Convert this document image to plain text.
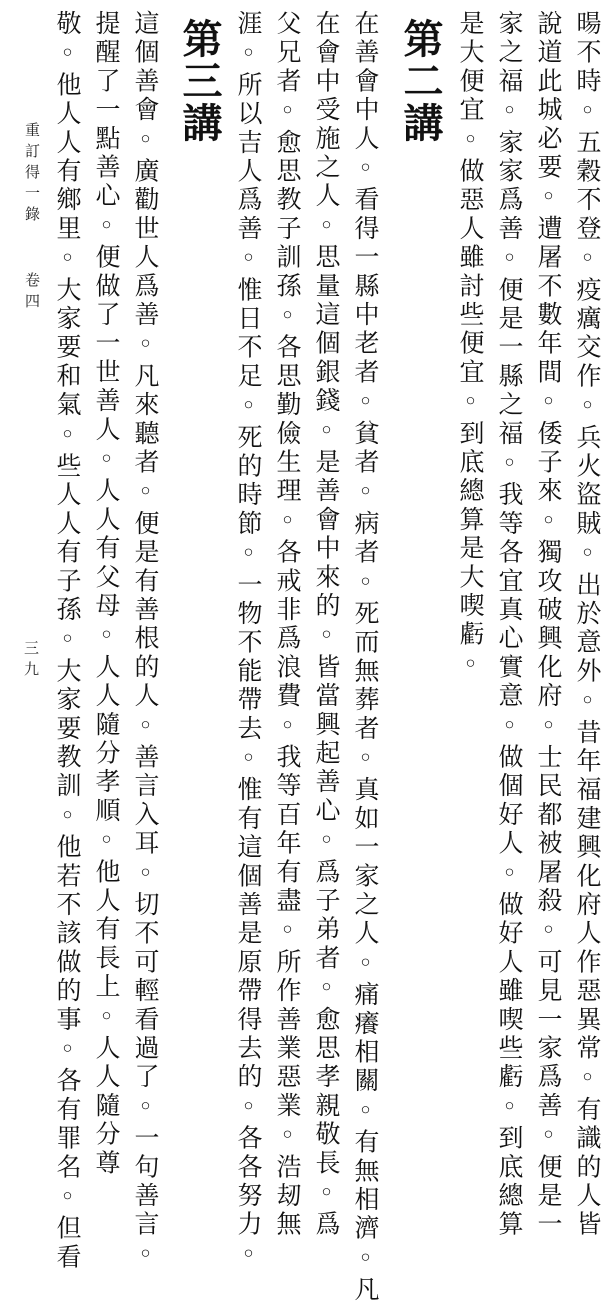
暘不時◦五穀不登◦疫癘交作◦兵火盜賊◦出於意外◦昔年福建興化府人作惡異常◦有識的人皆
說道此城必要◦遭屠不數年間◦倭子來◦獨攻破興化府◦士民都被屠殺◦可見一家爲善◦便是一
家之福◦家家爲善◦便是一縣之福◦我等各宜真心實意◦做個好人◦做好人雖喫些虧◦到底總算
是大便宜◦做惡人雖討些便宜◦到底總算是大喫虧◦
第二講
在善會中人◦看得一縣中老者◦貧者◦病者◦死而無葬者◦真如一家之人◦痛癢相關◦有無相濟◦凡
在會中受施之人◦思量這個銀錢◦是善會中來的◦皆當興起善心◦爲子弟者◦愈思孝親敬長◦爲
父兄者◦愈思教子訓孫◦各思勤儉生理◦各戒非爲浪費◦我等百年有盡◦所作善業惡業◦浩刼無
涯◦所以吉人爲善◦惟日不足◦死的時節◦一物不能帶去◦惟有這個善是原帶得去的◦各各努力◦
第三講
這個善會◦廣勸世人爲善◦凡來聽者◦便是有善根的人◦善言入耳◦切不可輕看過了◦一句善言◦
提醒了一點善心◦便做了一世善人◦人人有父母◦人人隨分孝順◦他人有長上◦人人隨分尊
敬◦他人人有鄉里◦大家要和氣◦些人人有子孫◦大家要教訓◦他若不該做的事◦各有罪名◦但看
重訂得一錄
卷四
三九
